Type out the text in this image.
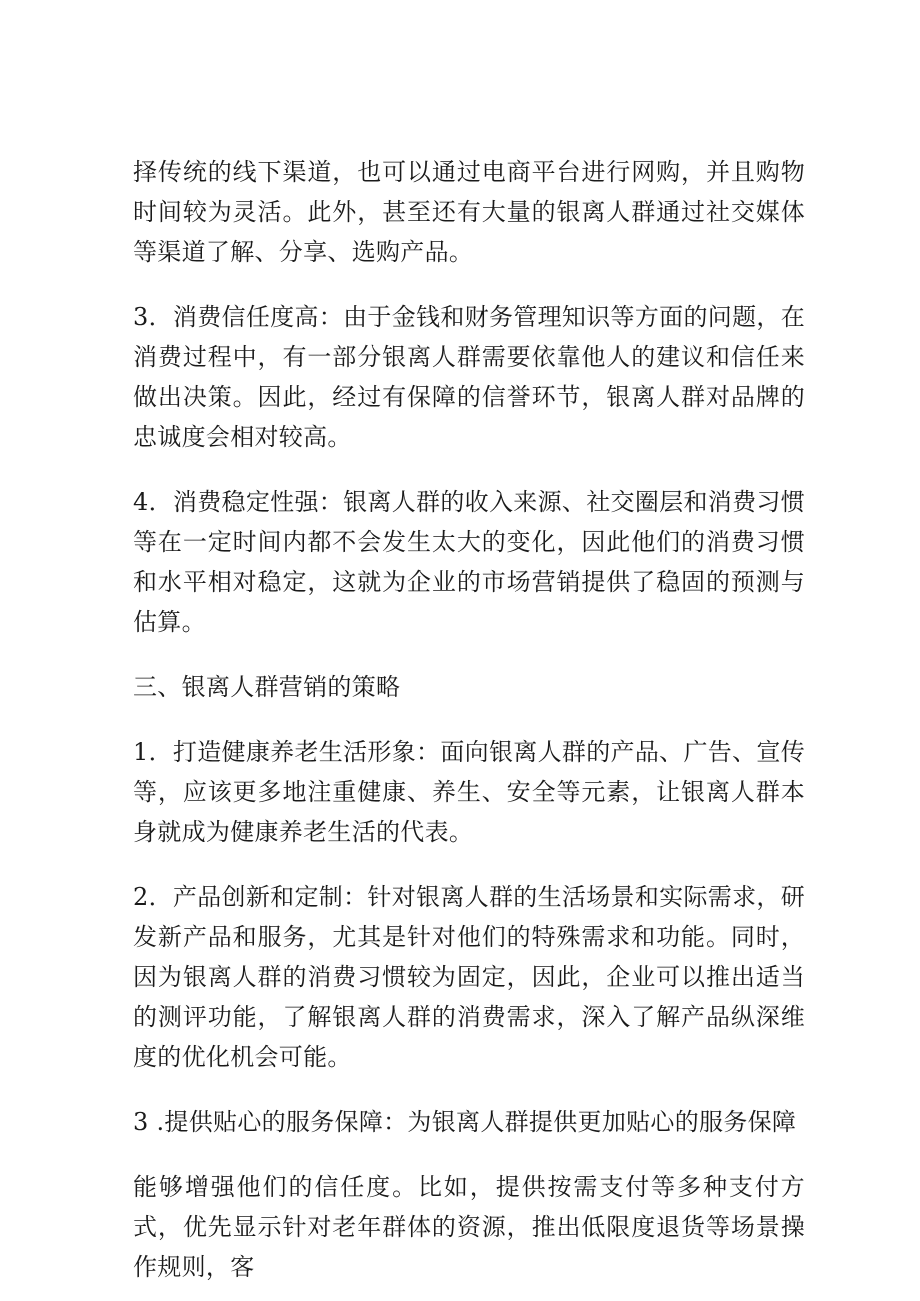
择传统的线下渠道，也可以通过电商平台进行网购，并且购物时间较为灵活。此外，甚至还有大量的银离人群通过社交媒体等渠道了解、分享、选购产品。

3．消费信任度高：由于金钱和财务管理知识等方面的问题，在消费过程中，有一部分银离人群需要依靠他人的建议和信任来做出决策。因此，经过有保障的信誉环节，银离人群对品牌的忠诚度会相对较高。

4．消费稳定性强：银离人群的收入来源、社交圈层和消费习惯等在一定时间内都不会发生太大的变化，因此他们的消费习惯和水平相对稳定，这就为企业的市场营销提供了稳固的预测与估算。

三、银离人群营销的策略

1．打造健康养老生活形象：面向银离人群的产品、广告、宣传等，应该更多地注重健康、养生、安全等元素，让银离人群本身就成为健康养老生活的代表。

2．产品创新和定制：针对银离人群的生活场景和实际需求，研发新产品和服务，尤其是针对他们的特殊需求和功能。同时，因为银离人群的消费习惯较为固定，因此，企业可以推出适当的测评功能，了解银离人群的消费需求，深入了解产品纵深维度的优化机会可能。

3 .提供贴心的服务保障：为银离人群提供更加贴心的服务保障

能够增强他们的信任度。比如，提供按需支付等多种支付方式，优先显示针对老年群体的资源，推出低限度退货等场景操作规则，客
